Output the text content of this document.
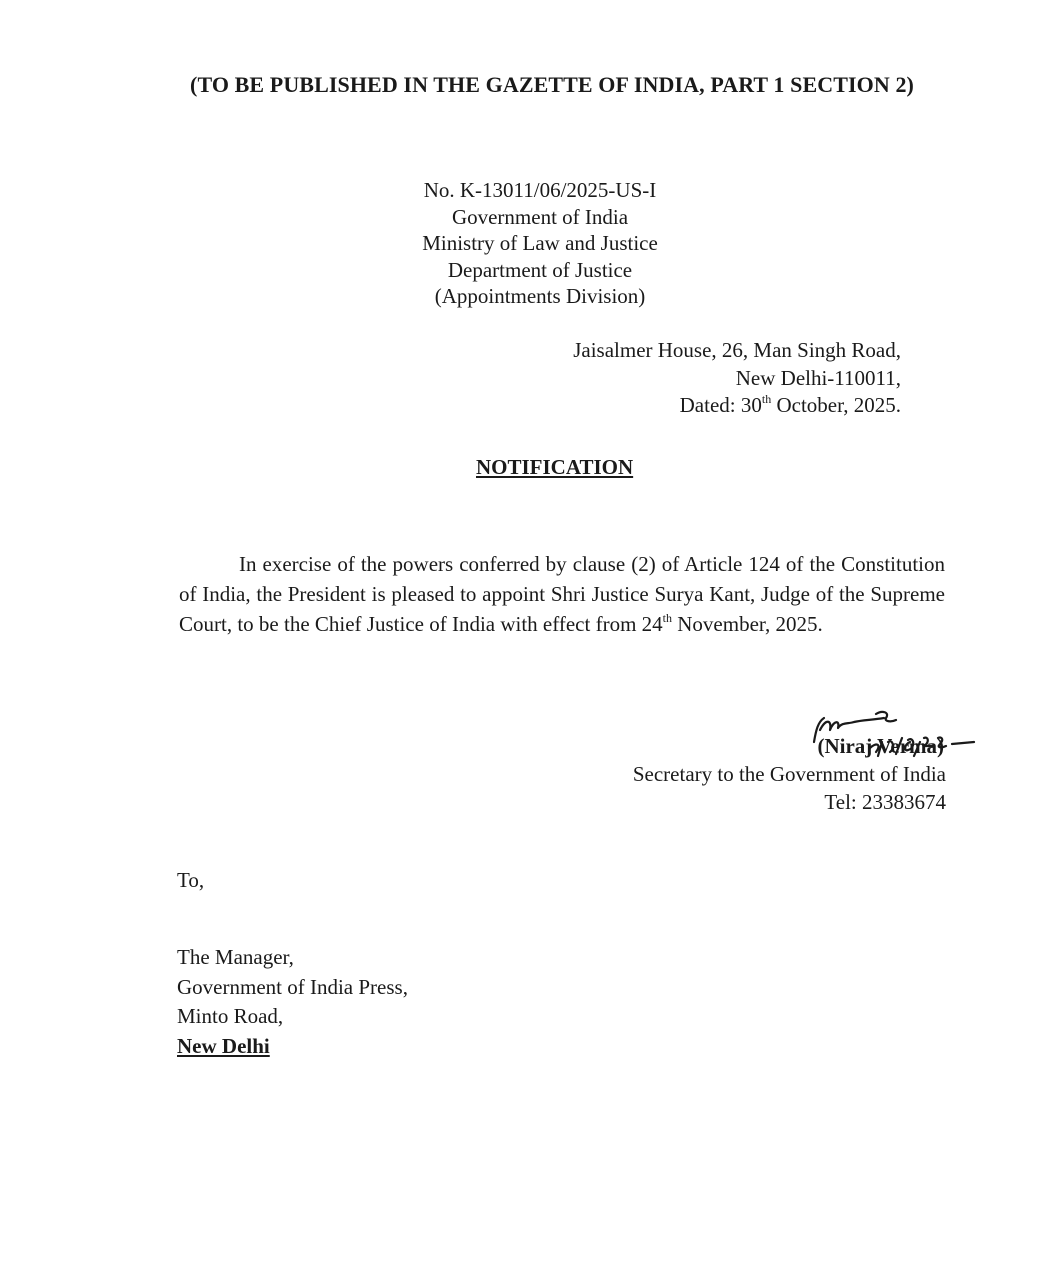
(TO BE PUBLISHED IN THE GAZETTE OF INDIA, PART 1 SECTION 2)
No. K-13011/06/2025-US-I
Government of India
Ministry of Law and Justice
Department of Justice
(Appointments Division)
Jaisalmer House, 26, Man Singh Road,
New Delhi-110011,
Dated: 30th October, 2025.
NOTIFICATION
In exercise of the powers conferred by clause (2) of Article 124 of the Constitution of India, the President is pleased to appoint Shri Justice Surya Kant, Judge of the Supreme Court, to be the Chief Justice of India with effect from 24th November, 2025.
(Niraj Verma)
Secretary to the Government of India
Tel: 23383674
To,
The Manager,
Government of India Press,
Minto Road,
New Delhi
